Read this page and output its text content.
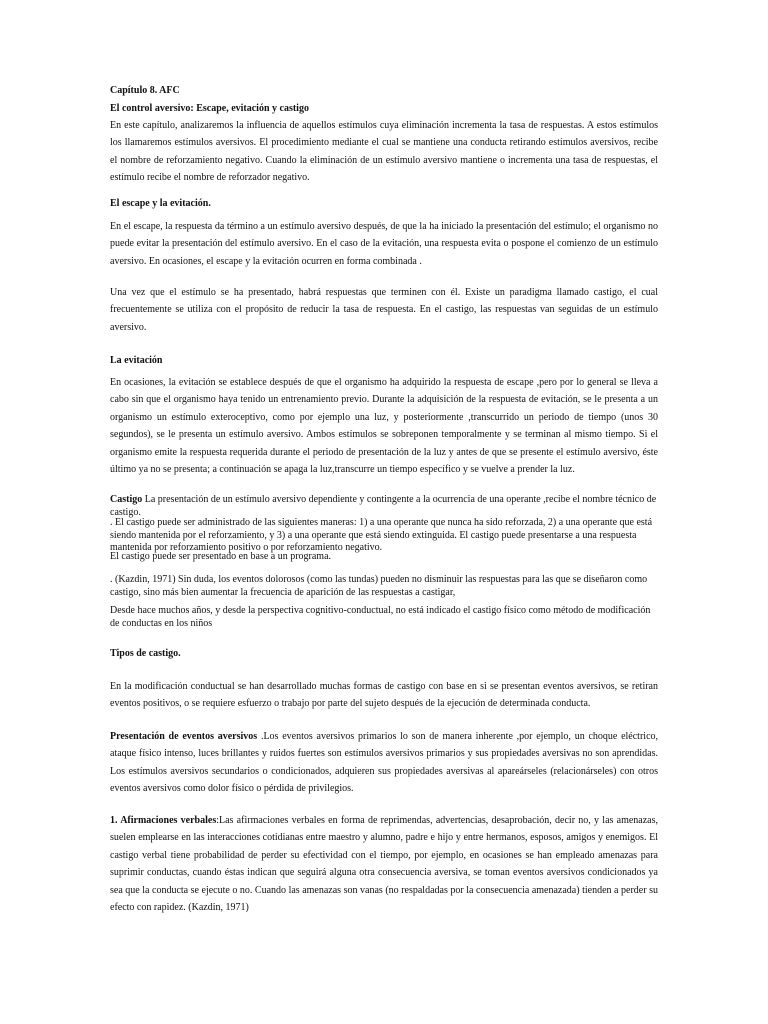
Capítulo 8. AFC

El control aversivo: Escape, evitación y castigo

En este capítulo, analizaremos la influencia de aquellos estímulos cuya eliminación incrementa la tasa de respuestas. A estos estímulos los llamaremos estímulos aversivos. El procedimiento mediante el cual se mantiene una conducta retirando estímulos aversivos, recibe el nombre de reforzamiento negativo. Cuando la eliminación de un estímulo aversivo mantiene o incrementa una tasa de respuestas, el estímulo recibe el nombre de reforzador negativo.

El escape y la evitación.

En el escape, la respuesta da término a un estímulo aversivo después, de que la ha iniciado la presentación del estímulo; el organismo no puede evitar la presentación del estímulo aversivo. En el caso de la evitación, una respuesta evita o pospone el comienzo de un estímulo aversivo. En ocasiones, el escape y la evitación ocurren en forma combinada .

Una vez que el estímulo se ha presentado, habrá respuestas que terminen con él. Existe un paradigma llamado castigo, el cual frecuentemente se utiliza con el propósito de reducir la tasa de respuesta. En el castigo, las respuestas van seguidas de un estímulo aversivo.

La evitación

En ocasiones, la evitación se establece después de que el organismo ha adquirido la respuesta de escape ,pero por lo general se lleva a cabo sin que el organismo haya tenido un entrenamiento previo. Durante la adquisición de la respuesta de evitación, se le presenta a un organismo un estímulo exteroceptivo, como por ejemplo una luz, y posteriormente ,transcurrido un periodo de tiempo (unos 30 segundos), se le presenta un estímulo aversivo. Ambos estímulos se sobreponen temporalmente y se terminan al mismo tiempo. Si el organismo emite la respuesta requerida durante el periodo de presentación de la luz y antes de que se presente el estímulo aversivo, éste último ya no se presenta; a continuación se apaga la luz,transcurre un tiempo específico y se vuelve a prender la luz.

Castigo La presentación de un estímulo aversivo dependiente y contingente a la ocurrencia de una operante ,recibe el nombre técnico de castigo.

. El castigo puede ser administrado de las siguientes maneras: 1) a una operante que nunca ha sido reforzada, 2) a una operante que está siendo mantenida por el reforzamiento, y 3) a una operante que está siendo extinguida. El castigo puede presentarse a una respuesta mantenida por reforzamiento positivo o por reforzamiento negativo.

El castigo puede ser presentado en base a un programa.

. (Kazdin, 1971) Sin duda, los eventos dolorosos (como las tundas) pueden no disminuir las respuestas para las que se diseñaron como castigo, sino más bien aumentar la frecuencia de aparición de las respuestas a castigar,

Desde hace muchos años, y desde la perspectiva cognitivo-conductual, no está indicado el castigo físico como método de modificación de conductas en los niños

Tipos de castigo.

En la modificación conductual se han desarrollado muchas formas de castigo con base en si se presentan eventos aversivos, se retiran eventos positivos, o se requiere esfuerzo o trabajo por parte del sujeto después de la ejecución de determinada conducta.

Presentación de eventos aversivos .Los eventos aversivos primarios lo son de manera inherente ,por ejemplo, un choque eléctrico, ataque físico intenso, luces brillantes y ruidos fuertes son estímulos aversivos primarios y sus propiedades aversivas no son aprendidas. Los estímulos aversivos secundarios o condicionados, adquieren sus propiedades aversivas al apareárseles (relacionárseles) con otros eventos aversivos como dolor físico o pérdida de privilegios.

1. Afirmaciones verbales:Las afirmaciones verbales en forma de reprimendas, advertencias, desaprobación, decir no, y las amenazas, suelen emplearse en las interacciones cotidianas entre maestro y alumno, padre e hijo y entre hermanos, esposos, amigos y enemigos. El castigo verbal tiene probabilidad de perder su efectividad con el tiempo, por ejemplo, en ocasiones se han empleado amenazas para suprimir conductas, cuando éstas indican que seguirá alguna otra consecuencia aversiva, se toman eventos aversivos condicionados ya sea que la conducta se ejecute o no. Cuando las amenazas son vanas (no respaldadas por la consecuencia amenazada) tienden a perder su efecto con rapidez. (Kazdin, 1971)
